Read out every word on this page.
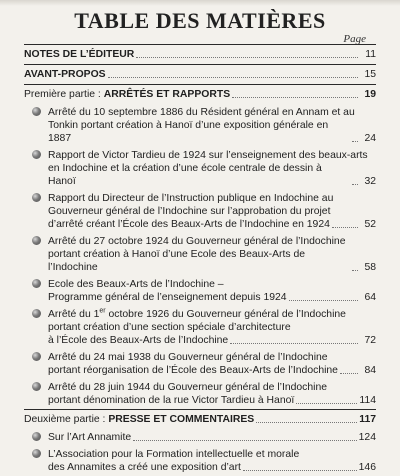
TABLE DES MATIÈRES
Page
NOTES DE L’ÉDITEUR	11
AVANT-PROPOS	15
Première partie : ARRÊTÉS ET RAPPORTS	19
Arrêté du 10 septembre 1886 du Résident général en Annam et au
Tonkin portant création à Hanoï d’une exposition générale en 1887	24
Rapport de Victor Tardieu de 1924 sur l’enseignement des beaux-arts
en Indochine et la création d’une école centrale de dessin à Hanoï	32
Rapport du Directeur de l’Instruction publique en Indochine au
Gouverneur général de l’Indochine sur l’approbation du projet
d’arrêté créant l’École des Beaux-Arts de l’Indochine en 1924	52
Arrêté du 27 octobre 1924 du Gouverneur général de l’Indochine
portant création à Hanoï d’une Ecole des Beaux-Arts de l’Indochine	58
Ecole des Beaux-Arts de l’Indochine –
Programme général de l’enseignement depuis 1924	64
Arrêté du 1er octobre 1926 du Gouverneur général de l’Indochine
portant création d’une section spéciale d’architecture
à l’École des Beaux-Arts de l’Indochine	72
Arrêté du 24 mai 1938 du Gouverneur général de l’Indochine
portant réorganisation de l’École des Beaux-Arts de l’Indochine	84
Arrêté du 28 juin 1944 du Gouverneur général de l’Indochine
portant dénomination de la rue Victor Tardieu à Hanoï	114
Deuxième partie : PRESSE ET COMMENTAIRES	117
Sur l’Art Annamite	124
L’Association pour la Formation intellectuelle et morale
des Annamites a créé une exposition d’art	146
